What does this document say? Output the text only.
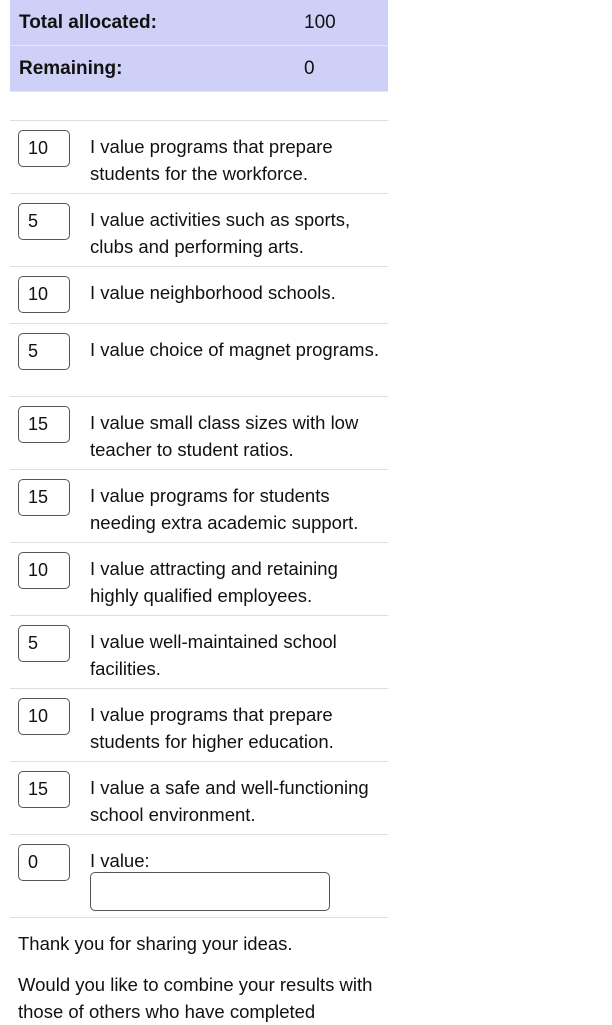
Total allocated:	100
Remaining:	0
10	I value programs that prepare students for the workforce.
5	I value activities such as sports, clubs and performing arts.
10	I value neighborhood schools.
5	I value choice of magnet programs.
15	I value small class sizes with low teacher to student ratios.
15	I value programs for students needing extra academic support.
10	I value attracting and retaining highly qualified employees.
5	I value well-maintained school facilities.
10	I value programs that prepare students for higher education.
15	I value a safe and well-functioning school environment.
0	I value:
Thank you for sharing your ideas.
Would you like to combine your results with those of others who have completed
